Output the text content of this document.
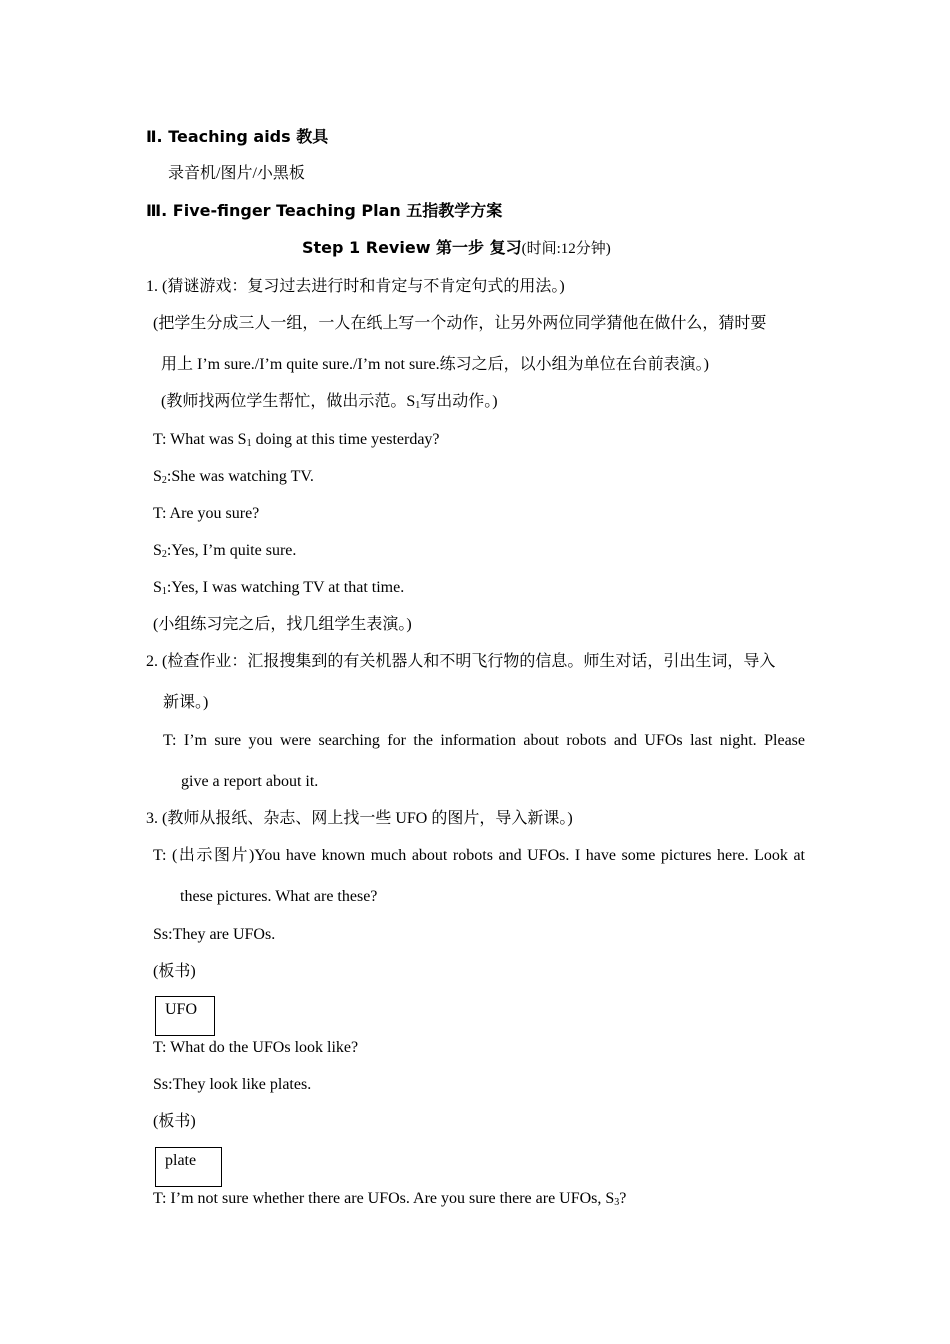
Ⅱ. Teaching aids 教具
录音机/图片/小黑板
Ⅲ. Five-finger Teaching Plan 五指教学方案
Step 1 Review 第一步 复习(时间:12分钟)
1. (猜谜游戏：复习过去进行时和肯定与不肯定句式的用法。)
(把学生分成三人一组，一人在纸上写一个动作，让另外两位同学猜他在做什么，猜时要
用上 I’m sure./I’m quite sure./I’m not sure.练习之后，以小组为单位在台前表演。)
(教师找两位学生帮忙，做出示范。$S_1$写出动作。)
T: What was $S_1$ doing at this time yesterday?
$S_2:She$ was watching TV.
T: Are you sure?
$S_2:Yes$, I’m quite sure.
$S_1:Yes$, I was watching TV at that time.
(小组练习完之后，找几组学生表演。)
2. (检查作业：汇报搜集到的有关机器人和不明飞行物的信息。师生对话，引出生词，导入
新课。)
T: I’m sure you were searching for the information about robots and UFOs last night. Please
give a report about it.
3. (教师从报纸、杂志、网上找一些 UFO 的图片，导入新课。)
T: (出示图片)You have known much about robots and UFOs. I have some pictures here. Look at
these pictures. What are these?
Ss:They are UFOs.
(板书)
UFO
T: What do the UFOs look like?
Ss:They look like plates.
(板书)
plate
T: I’m not sure whether there are UFOs. Are you sure there are UFOs, $S_3$?
